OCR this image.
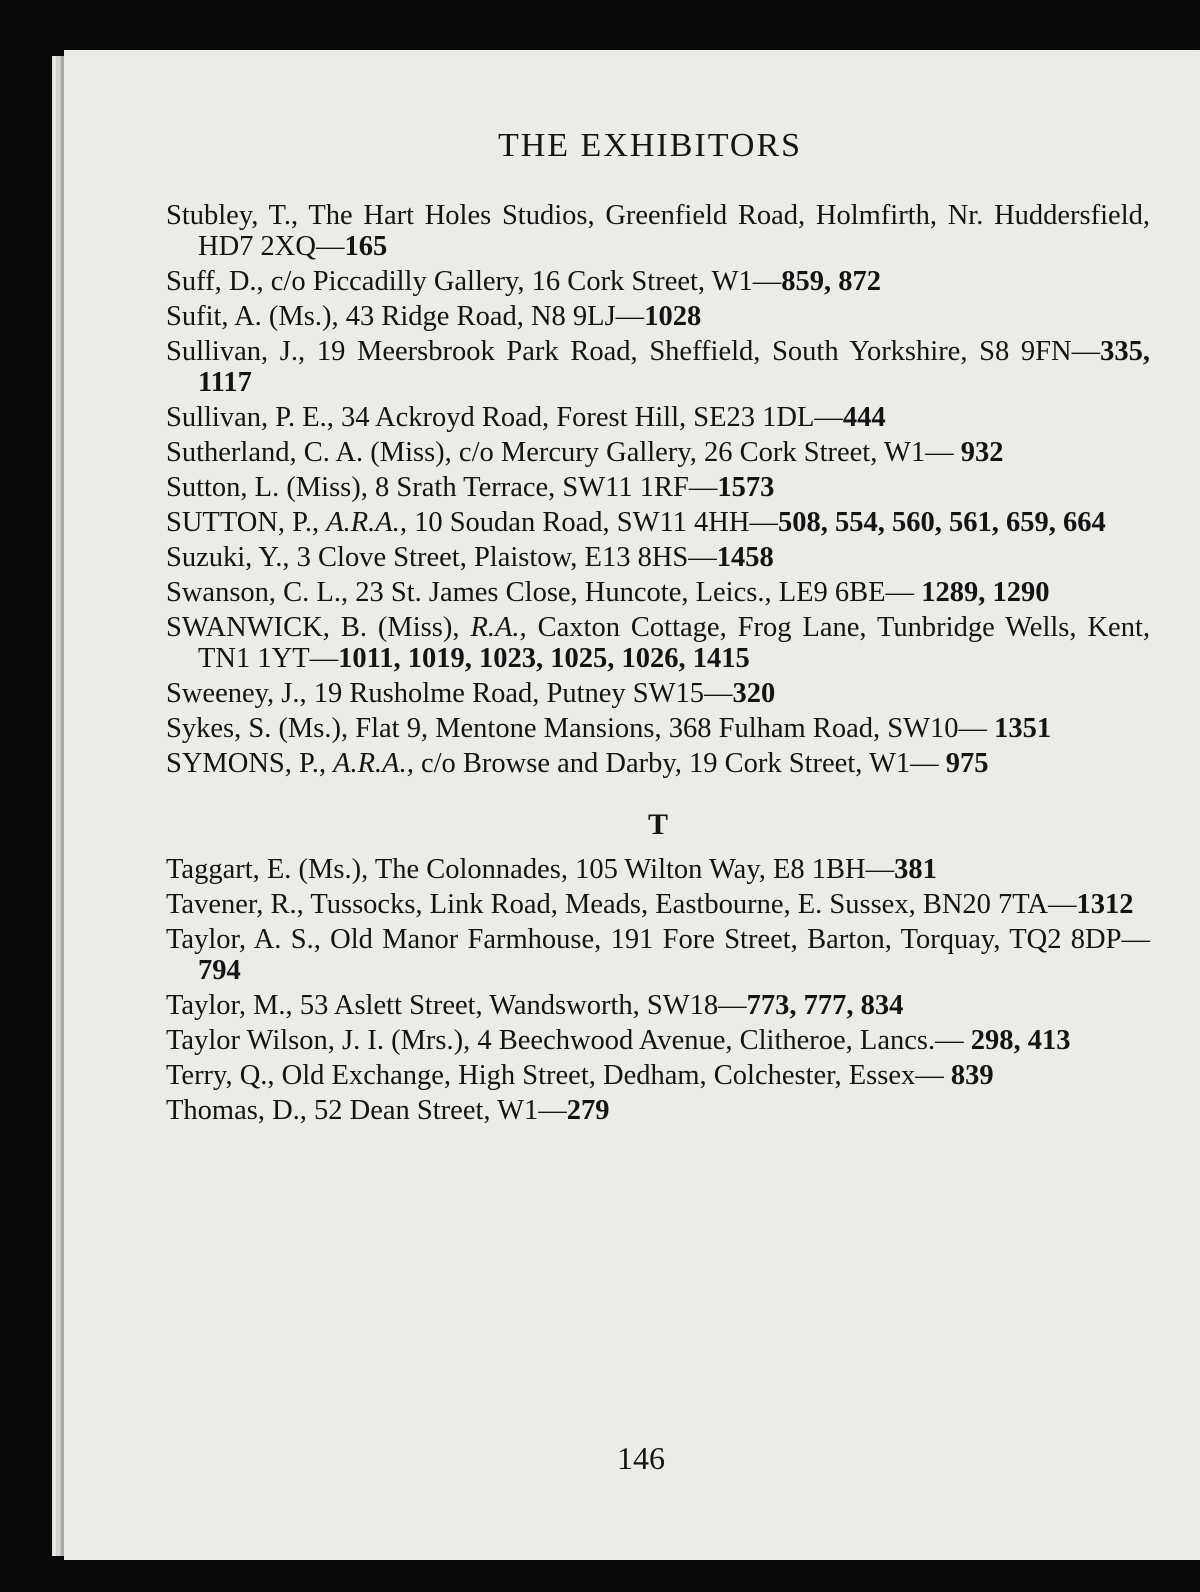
THE EXHIBITORS
Stubley, T., The Hart Holes Studios, Greenfield Road, Holmfirth, Nr. Huddersfield, HD7 2XQ—165
Suff, D., c/o Piccadilly Gallery, 16 Cork Street, W1—859, 872
Sufit, A. (Ms.), 43 Ridge Road, N8 9LJ—1028
Sullivan, J., 19 Meersbrook Park Road, Sheffield, South Yorkshire, S8 9FN—335, 1117
Sullivan, P. E., 34 Ackroyd Road, Forest Hill, SE23 1DL—444
Sutherland, C. A. (Miss), c/o Mercury Gallery, 26 Cork Street, W1— 932
Sutton, L. (Miss), 8 Srath Terrace, SW11 1RF—1573
SUTTON, P., A.R.A., 10 Soudan Road, SW11 4HH—508, 554, 560, 561, 659, 664
Suzuki, Y., 3 Clove Street, Plaistow, E13 8HS—1458
Swanson, C. L., 23 St. James Close, Huncote, Leics., LE9 6BE— 1289, 1290
SWANWICK, B. (Miss), R.A., Caxton Cottage, Frog Lane, Tunbridge Wells, Kent, TN1 1YT—1011, 1019, 1023, 1025, 1026, 1415
Sweeney, J., 19 Rusholme Road, Putney SW15—320
Sykes, S. (Ms.), Flat 9, Mentone Mansions, 368 Fulham Road, SW10— 1351
SYMONS, P., A.R.A., c/o Browse and Darby, 19 Cork Street, W1— 975
T
Taggart, E. (Ms.), The Colonnades, 105 Wilton Way, E8 1BH—381
Tavener, R., Tussocks, Link Road, Meads, Eastbourne, E. Sussex, BN20 7TA—1312
Taylor, A. S., Old Manor Farmhouse, 191 Fore Street, Barton, Torquay, TQ2 8DP—794
Taylor, M., 53 Aslett Street, Wandsworth, SW18—773, 777, 834
Taylor Wilson, J. I. (Mrs.), 4 Beechwood Avenue, Clitheroe, Lancs.— 298, 413
Terry, Q., Old Exchange, High Street, Dedham, Colchester, Essex— 839
Thomas, D., 52 Dean Street, W1—279
146
